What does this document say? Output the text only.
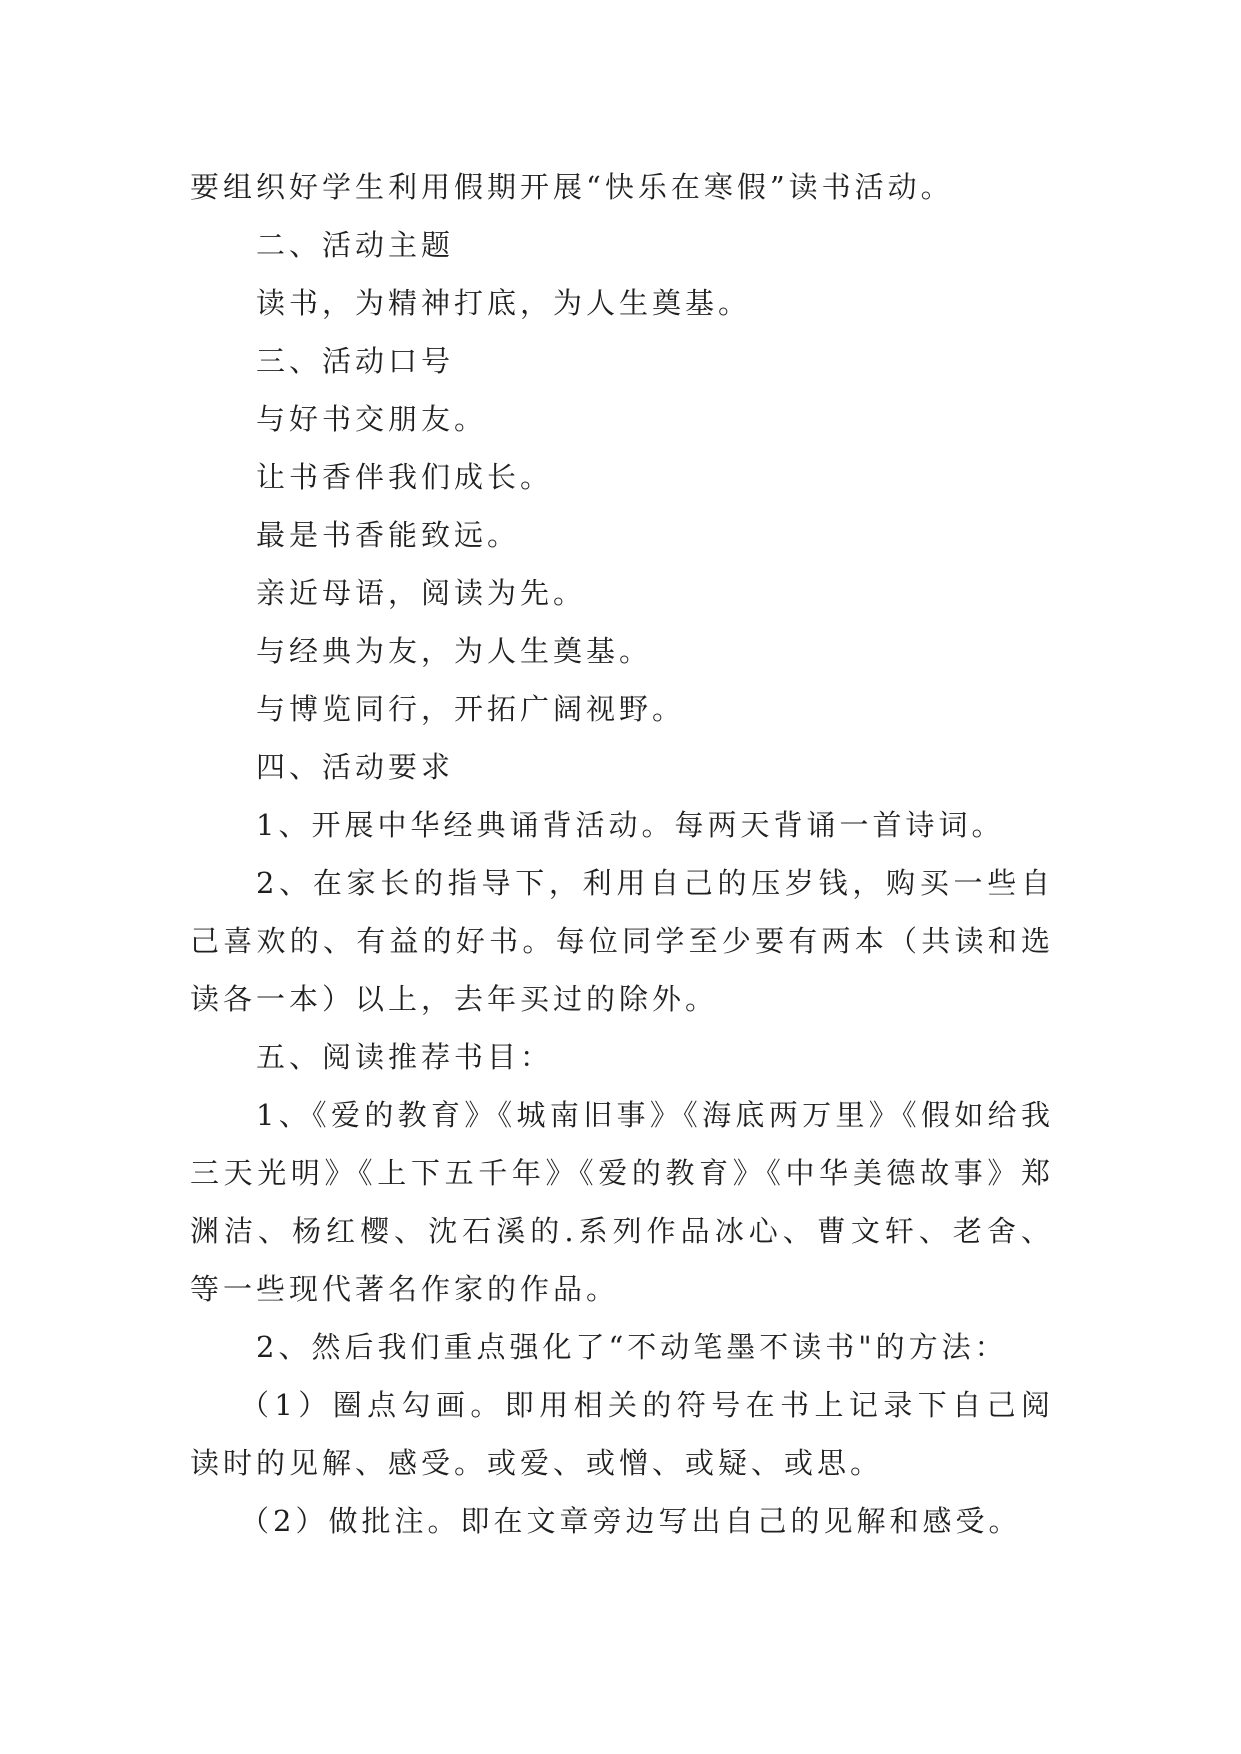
要组织好学生利用假期开展“快乐在寒假”读书活动。
二、活动主题
读书，为精神打底，为人生奠基。
三、活动口号
与好书交朋友。
让书香伴我们成长。
最是书香能致远。
亲近母语，阅读为先。
与经典为友，为人生奠基。
与博览同行，开拓广阔视野。
四、活动要求
1、开展中华经典诵背活动。每两天背诵一首诗词。
2、在家长的指导下，利用自己的压岁钱，购买一些自
己喜欢的、有益的好书。每位同学至少要有两本（共读和选
读各一本）以上，去年买过的除外。
五、阅读推荐书目：
1、《爱的教育》《城南旧事》《海底两万里》《假如给我
三天光明》《上下五千年》《爱的教育》《中华美德故事》郑
渊洁、杨红樱、沈石溪的.系列作品冰心、曹文轩、老舍、
等一些现代著名作家的作品。
2、然后我们重点强化了“不动笔墨不读书"的方法：
（1）圈点勾画。即用相关的符号在书上记录下自己阅
读时的见解、感受。或爱、或憎、或疑、或思。
（2）做批注。即在文章旁边写出自己的见解和感受。
